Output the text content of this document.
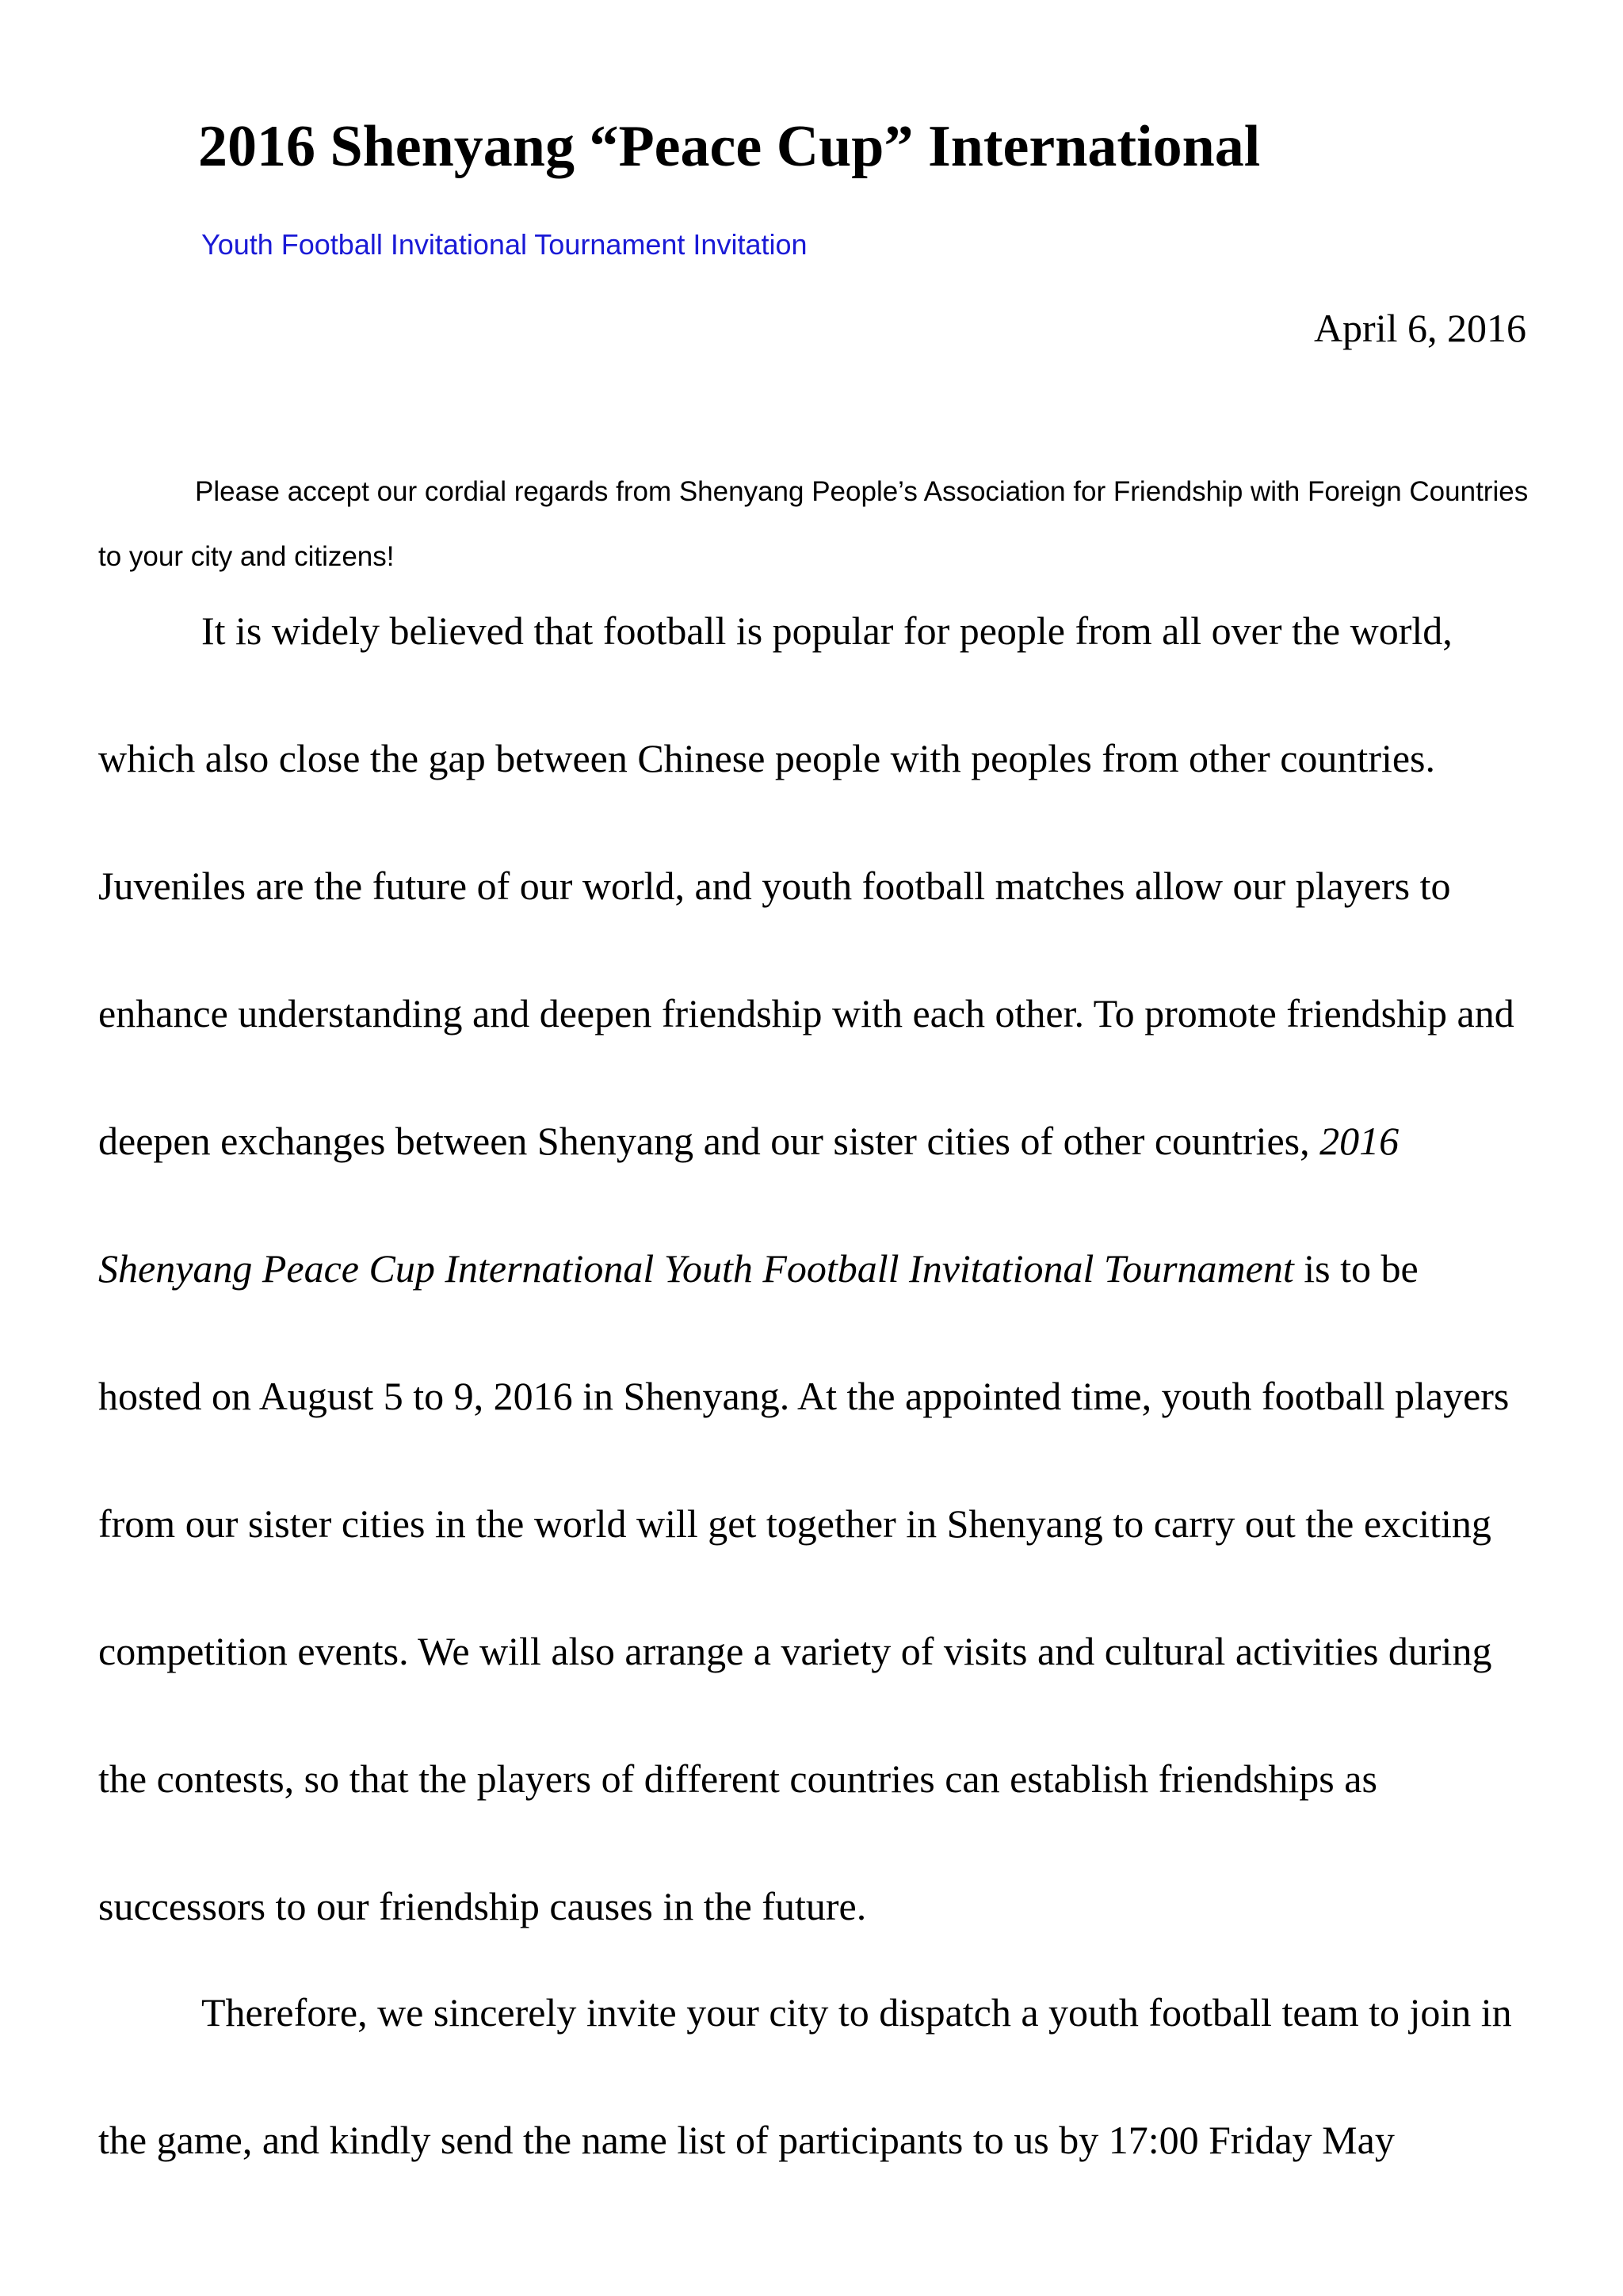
2016 Shenyang “Peace Cup” International

Youth Football Invitational Tournament Invitation

April 6, 2016

Please accept our cordial regards from Shenyang People’s Association for Friendship with Foreign Countries to your city and citizens!

It is widely believed that football is popular for people from all over the world, which also close the gap between Chinese people with peoples from other countries. Juveniles are the future of our world, and youth football matches allow our players to enhance understanding and deepen friendship with each other. To promote friendship and deepen exchanges between Shenyang and our sister cities of other countries, 2016 Shenyang Peace Cup International Youth Football Invitational Tournament is to be hosted on August 5 to 9, 2016 in Shenyang. At the appointed time, youth football players from our sister cities in the world will get together in Shenyang to carry out the exciting competition events. We will also arrange a variety of visits and cultural activities during the contests, so that the players of different countries can establish friendships as successors to our friendship causes in the future.

Therefore, we sincerely invite your city to dispatch a youth football team to join in the game, and kindly send the name list of participants to us by 17:00 Friday May
